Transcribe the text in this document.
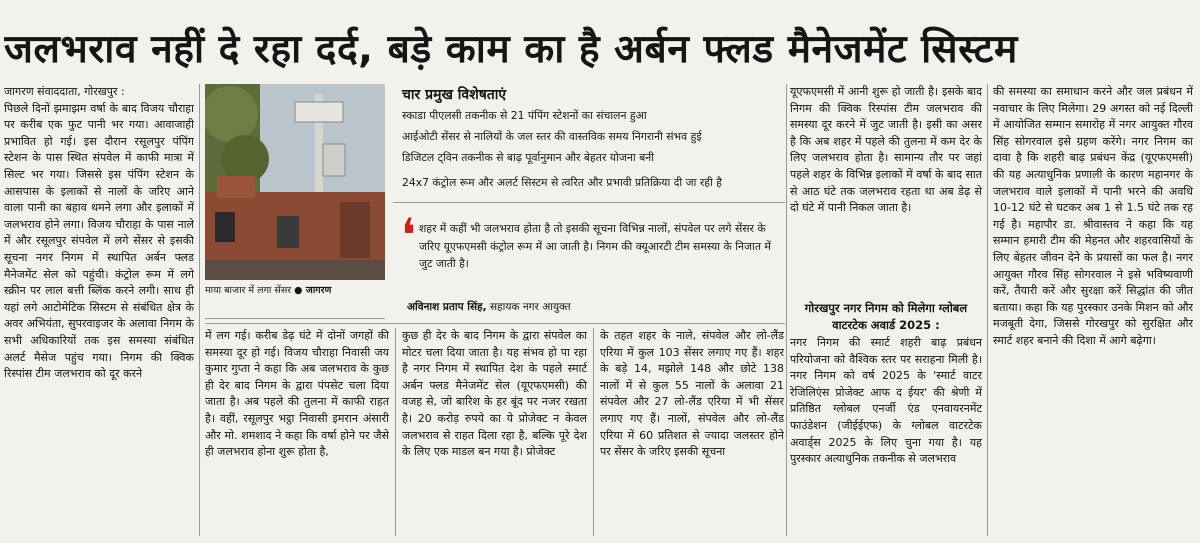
जलभराव नहीं दे रहा दर्द, बड़े काम का है अर्बन फ्लड मैनेजमेंट सिस्टम

जागरण संवाददाता, गोरखपुर :

पिछले दिनों झमाझम वर्षा के बाद विजय चौराहा पर करीब एक फुट पानी भर गया। आवाजाही प्रभावित हो गई। इस दौरान रसूलपुर पंपिंग स्टेशन के पास स्थित संपवेल में काफी मात्रा में सिल्ट भर गया। जिससे इस पंपिंग स्टेशन के आसपास के इलाकों से नालों के जरिए आने वाला पानी का बहाव थमने लगा और इलाकों में जलभराव होने लगा। विजय चौराहा के पास नाले में और रसूलपुर संपवेल में लगे सेंसर से इसकी सूचना नगर निगम में स्थापित अर्बन फ्लड मैनेजमेंट सेल को पहुंची। कंट्रोल रूम में लगे स्क्रीन पर लाल बत्ती ब्लिंक करने लगी। साथ ही यहां लगे आटोमेटिक सिस्टम से संबंधित क्षेत्र के अवर अभियंता, सुपरवाइजर के अलावा निगम के सभी अधिकारियों तक इस समस्या संबंधित अलर्ट मैसेज पहुंच गया। निगम की क्विक रिस्पांस टीम जलभराव को दूर करने

माया बाजार में लगा सेंसर ● जागरण
चार प्रमुख विशेषताएं
स्काडा पीएलसी तकनीक से 21 पंपिंग स्टेशनों का संचालन हुआ
आईओटी सेंसर से नालियों के जल स्तर की वास्तविक समय निगरानी संभव हुई
डिजिटल ट्विन तकनीक से बाढ़ पूर्वानुमान और बेहतर योजना बनी
24x7 कंट्रोल रूम और अलर्ट सिस्टम से त्वरित और प्रभावी प्रतिक्रिया दी जा रही है
❛ शहर में कहीं भी जलभराव होता है तो इसकी सूचना विभिन्न नालों, संपवेल पर लगे सेंसर के जरिए यूएफएमसी कंट्रोल रूम में आ जाती है। निगम की क्यूआरटी टीम समस्या के निजात में जुट जाती है।
अविनाश प्रताप सिंह, सहायक नगर आयुक्त

में लग गई। करीब डेढ़ घंटे में दोनों जगहों की समस्या दूर हो गई। विजय चौराहा निवासी जय कुमार गुप्ता ने कहा कि अब जलभराव के कुछ ही देर बाद निगम के द्वारा पंपसेट चला दिया जाता है। अब पहले की तुलना में काफी राहत है। वहीं, रसूलपुर भट्ठा निवासी इमरान अंसारी और मो. शमशाद ने कहा कि वर्षा होने पर जैसे ही जलभराव होना शुरू होता है,

कुछ ही देर के बाद निगम के द्वारा संपवेल का मोटर चला दिया जाता है। यह संभव हो पा रहा है नगर निगम में स्थापित देश के पहले स्मार्ट अर्बन फ्लड मैनेजमेंट सेल (यूएफएमसी) की वजह से, जो बारिश के हर बूंद पर नजर रखता है। 20 करोड़ रुपये का ये प्रोजेक्ट न केवल जलभराव से राहत दिला रहा है, बल्कि पूरे देश के लिए एक माडल बन गया है। प्रोजेक्ट

के तहत शहर के नाले, संपवेल और लो-लैंड एरिया में कुल 103 सेंसर लगाए गए हैं। शहर के बड़े 14, मझोले 148 और छोटे 138 नालों में से कुल 55 नालों के अलावा 21 संपवेल और 27 लो-लैंड एरिया में भी सेंसर लगाए गए हैं। नालों, संपवेल और लो-लैंड एरिया में 60 प्रतिशत से ज्यादा जलस्तर होने पर सेंसर के जरिए इसकी सूचना

यूएफएमसी में आनी शुरू हो जाती है। इसके बाद निगम की क्विक रिस्पांस टीम जलभराव की समस्या दूर करने में जुट जाती है। इसी का असर है कि अब शहर में पहले की तुलना में कम देर के लिए जलभराव होता है। सामान्य तौर पर जहां पहले शहर के विभिन्न इलाकों में वर्षा के बाद सात से आठ घंटे तक जलभराव रहता था अब डेढ़ से दो घंटे में पानी निकल जाता है।

गोरखपुर नगर निगम को मिलेगा ग्लोबल वाटरटेक अवार्ड 2025 :

नगर निगम की स्मार्ट शहरी बाढ़ प्रबंधन परियोजना को वैश्विक स्तर पर सराहना मिली है। नगर निगम को वर्ष 2025 के 'स्मार्ट वाटर रेजिलिएंस प्रोजेक्ट आफ द ईयर' की श्रेणी में प्रतिष्ठित ग्लोबल एनर्जी एंड एनवायरनमेंट फाउंडेशन (जीईईएफ) के ग्लोबल वाटरटेक अवार्ड्स 2025 के लिए चुना गया है। यह पुरस्कार अत्याधुनिक तकनीक से जलभराव

की समस्या का समाधान करने और जल प्रबंधन में नवाचार के लिए मिलेगा। 29 अगस्त को नई दिल्ली में आयोजित सम्मान समारोह में नगर आयुक्त गौरव सिंह सोगरवाल इसे ग्रहण करेंगे। नगर निगम का दावा है कि शहरी बाढ़ प्रबंधन केंद्र (यूएफएमसी) की यह अत्याधुनिक प्रणाली के कारण महानगर के जलभराव वाले इलाकों में पानी भरने की अवधि 10-12 घंटे से घटकर अब 1 से 1.5 घंटे तक रह गई है। महापौर डा. श्रीवास्तव ने कहा कि यह सम्मान हमारी टीम की मेहनत और शहरवासियों के लिए बेहतर जीवन देने के प्रयासों का फल है। नगर आयुक्त गौरव सिंह सोगरवाल ने इसे भविष्यवाणी करें, तैयारी करें और सुरक्षा करें सिद्धांत की जीत बताया। कहा कि यह पुरस्कार उनके मिशन को और मजबूती देगा, जिससे गोरखपुर को सुरक्षित और स्मार्ट शहर बनाने की दिशा में आगे बढ़ेगा।
